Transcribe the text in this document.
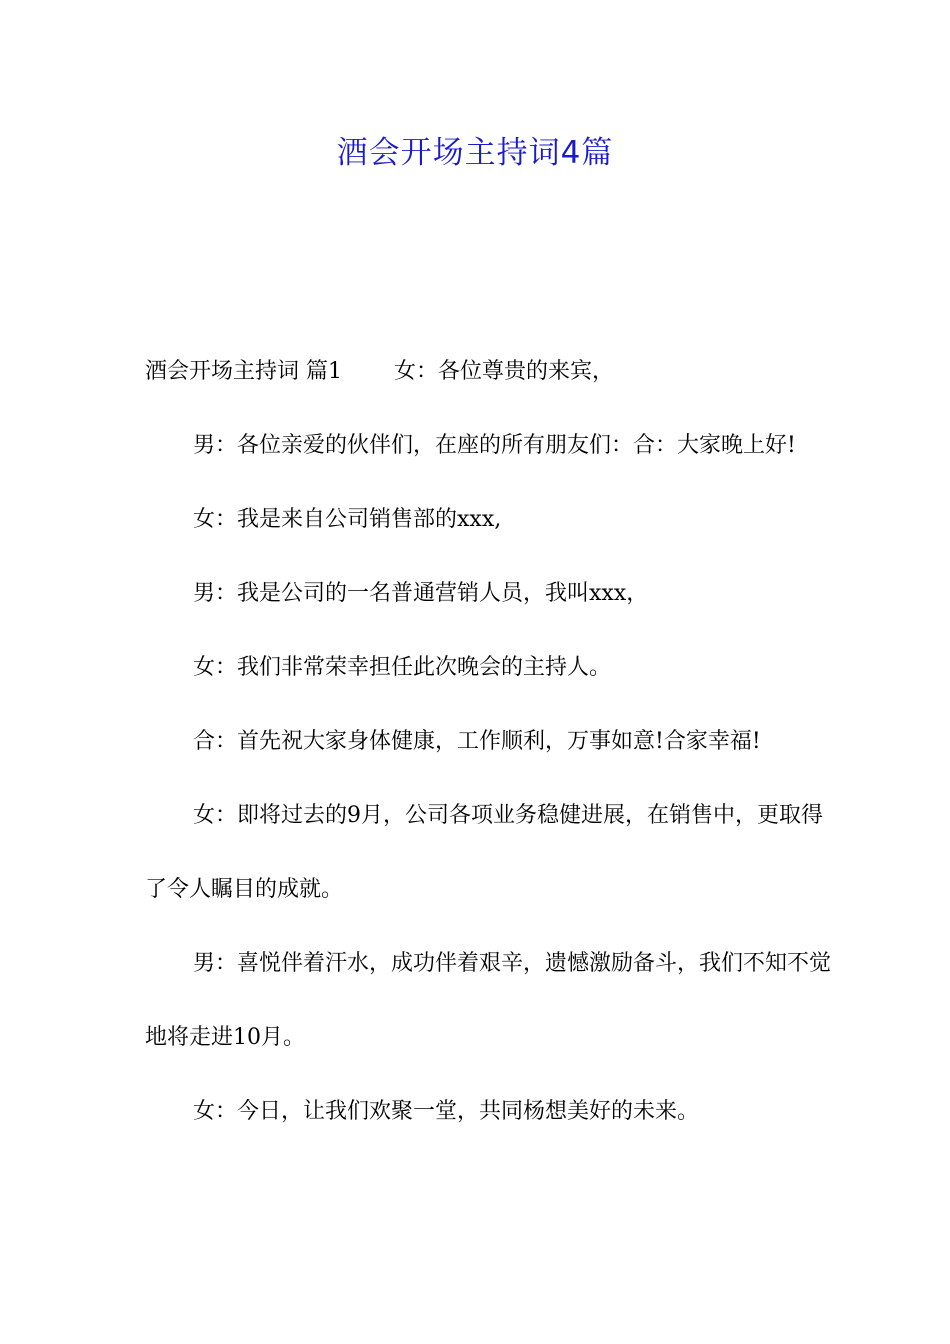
酒会开场主持词4篇

酒会开场主持词 篇1 女：各位尊贵的来宾，

男：各位亲爱的伙伴们，在座的所有朋友们：合：大家晚上好!

女：我是来自公司销售部的xxx,

男：我是公司的一名普通营销人员，我叫xxx，

女：我们非常荣幸担任此次晚会的主持人。

合：首先祝大家身体健康，工作顺利，万事如意!合家幸福!

女：即将过去的9月，公司各项业务稳健进展，在销售中，更取得了令人瞩目的成就。

男：喜悦伴着汗水，成功伴着艰辛，遗憾激励备斗，我们不知不觉地将走进10月。

女：今日，让我们欢聚一堂，共同杨想美好的未来。
